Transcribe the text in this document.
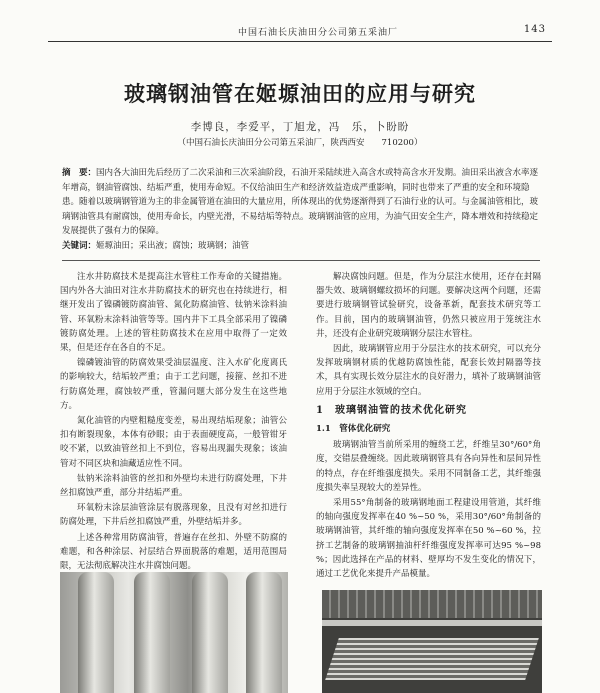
中国石油长庆油田分公司第五采油厂	143
玻璃钢油管在姬塬油田的应用与研究
李博良，李爱平，丁旭龙，冯　乐，卜盼盼
（中国石油长庆油田分公司第五采油厂，陕西西安　　710200）
摘　要：国内各大油田先后经历了二次采油和三次采油阶段，石油开采陆续进入高含水或特高含水开发期。油田采出液含水率逐年增高，钢油管腐蚀、结垢严重，使用寿命短。不仅给油田生产和经济效益造成严重影响，同时也带来了严重的安全和环境隐患。随着以玻璃钢管道为主的非金属管道在油田的大量应用，所体现出的优势逐渐得到了石油行业的认可。与金属油管相比，玻璃钢油管具有耐腐蚀，使用寿命长，内壁光滑，不易结垢等特点。玻璃钢油管的应用，为油气田安全生产，降本增效和持续稳定发展提供了强有力的保障。
关键词：姬塬油田；采出液；腐蚀；玻璃钢；油管

注水井防腐技术是提高注水管柱工作寿命的关键措施。国内外各大油田对注水井防腐技术的研究也在持续进行，相继开发出了镍磷镀防腐油管、氮化防腐油管、钛钠米涂料油管、环氧粉末涂料油管等等。国内井下工具全部采用了镍磷镀防腐处理。上述的管柱防腐技术在应用中取得了一定效果，但是还存在各自的不足。

镍磷镀油管的防腐效果受油层温度、注入水矿化度离氏的影响较大，结垢较严重；由于工艺问题，接箍、丝扣不进行防腐处理，腐蚀较严重，管漏问题大部分发生在这些地方。

氮化油管的内壁粗糙度变差，易出现结垢现象；油管公扣有断裂现象，本体有砂眼；由于表面硬度高，一般管钳牙咬不紧，以致油管丝扣上不到位，容易出现漏失现象；该油管对不同区块和油藏适应性不同。

钛钠米涂料油管的丝扣和外壁均未进行防腐处理，下井丝扣腐蚀严重，部分井结垢严重。

环氧粉末涂层油管涂层有脱落现象，且没有对丝扣进行防腐处理，下井后丝扣腐蚀严重，外壁结垢并多。

上述各种常用防腐油管，普遍存在丝扣、外壁不防腐的难题，和各种涂层、衬层结合界面脱落的难题，适用范围局限，无法彻底解决注水井腐蚀问题。

解决腐蚀问题。但是，作为分层注水使用，还存在封隔器失效、玻璃钢螺纹损坏的问题。要解决这两个问题，还需要进行玻璃钢管试验研究，设备革新，配套技术研究等工作。目前，国内的玻璃钢油管，仍然只被应用于笼统注水井，还没有企业研究玻璃钢分层注水管柱。

因此，玻璃钢管应用于分层注水的技术研究，可以充分发挥玻璃钢材质的优越防腐蚀性能，配套长效封隔器等技术，具有实现长效分层注水的良好潜力，填补了玻璃钢油管应用于分层注水领域的空白。

1　玻璃钢油管的技术优化研究
1.1　管体优化研究

玻璃钢油管当前所采用的缠绕工艺，纤维呈30°/60°角度，交错层叠缠绕。因此玻璃钢管具有各向异性和层间异性的特点，存在纤维强度损失。采用不同制备工艺，其纤维强度损失率呈现较大的差异性。

采用55°角制备的玻璃钢地面工程建设用管道，其纤维的轴向强度发挥率在40 %~50 %，采用30°/60°角制备的玻璃钢油管，其纤维的轴向强度发挥率在50 %~60 %，拉挤工艺制备的玻璃钢抽油杆纤维强度发挥率可达95 %~98 %；因此选择在产品的材料、壁厚均不发生变化的情况下，通过工艺优化来提升产品模量。
